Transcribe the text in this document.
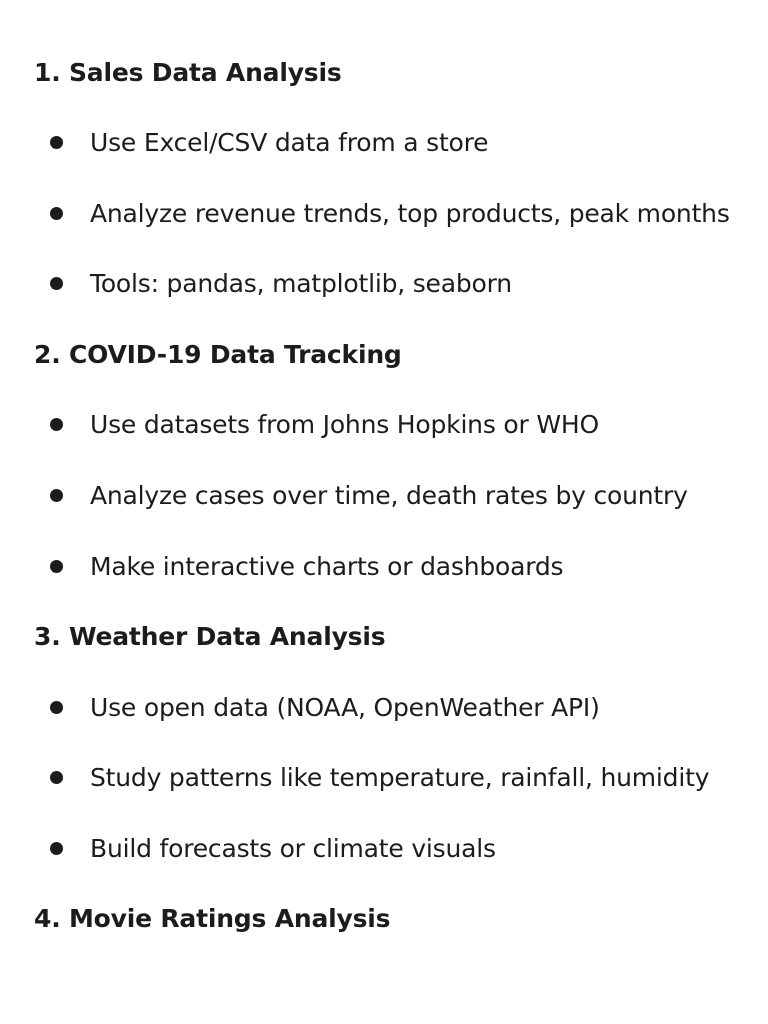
1. Sales Data Analysis
Use Excel/CSV data from a store
Analyze revenue trends, top products, peak months
Tools: pandas, matplotlib, seaborn
2. COVID-19 Data Tracking
Use datasets from Johns Hopkins or WHO
Analyze cases over time, death rates by country
Make interactive charts or dashboards
3. Weather Data Analysis
Use open data (NOAA, OpenWeather API)
Study patterns like temperature, rainfall, humidity
Build forecasts or climate visuals
4. Movie Ratings Analysis
